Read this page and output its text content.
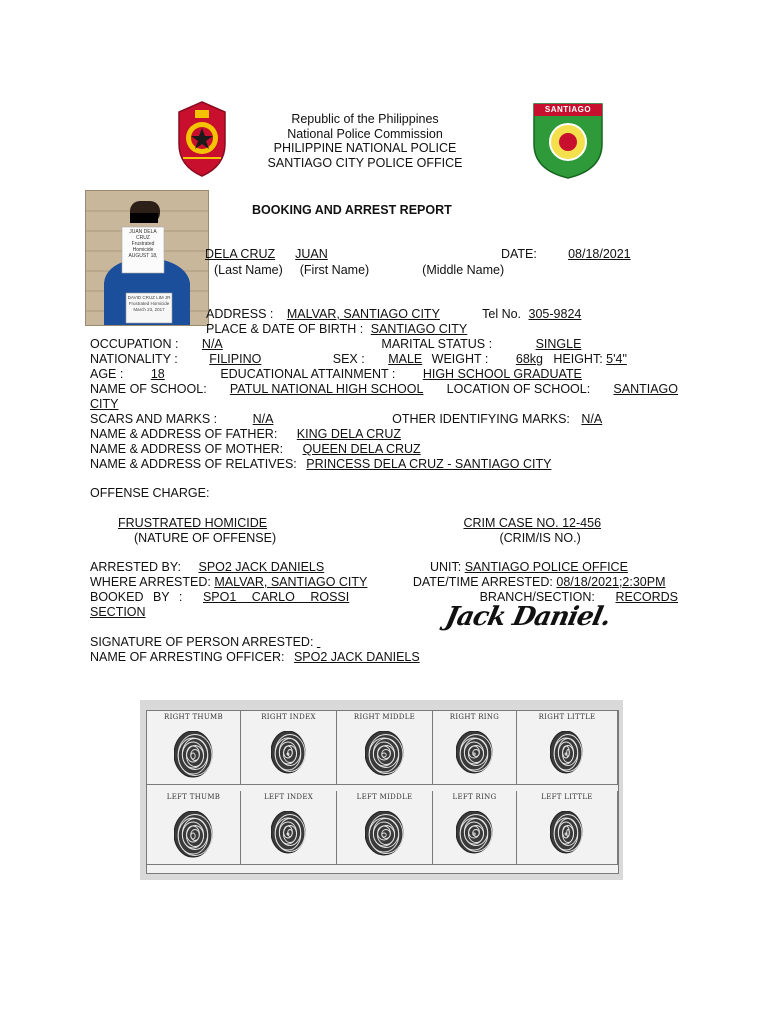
Republic of the Philippines
National Police Commission
PHILIPPINE NATIONAL POLICE
SANTIAGO CITY POLICE OFFICE
SANTIAGO
BOOKING AND ARREST REPORT
JUAN DELA CRUZ
Frustrated Homicide
AUGUST 18,
DAVID CRUZ LIM JR
Frustrated Homicide
March 23, 2017
DELA CRUZ JUAN	DATE: 08/18/2021
(Last Name) (First Name)	(Middle Name)
ADDRESS : MALVAR, SANTIAGO CITY	Tel No. 305-9824
PLACE & DATE OF BIRTH : SANTIAGO CITY
OCCUPATION : N/A	MARITAL STATUS :	SINGLE
NATIONALITY :	FILIPINO	SEX : MALE WEIGHT : 68kg HEIGHT: 5'4"
AGE : 18	EDUCATIONAL ATTAINMENT : HIGH SCHOOL GRADUATE
NAME OF SCHOOL: PATUL NATIONAL HIGH SCHOOL LOCATION OF SCHOOL: SANTIAGO
CITY
SCARS AND MARKS :	N/A	OTHER IDENTIFYING MARKS: N/A
NAME & ADDRESS OF FATHER: KING DELA CRUZ
NAME & ADDRESS OF MOTHER: QUEEN DELA CRUZ
NAME & ADDRESS OF RELATIVES: PRINCESS DELA CRUZ - SANTIAGO CITY
OFFENSE CHARGE:
FRUSTRATED HOMICIDE	CRIM CASE NO. 12-456
(NATURE OF OFFENSE)	(CRIM/IS NO.)
ARRESTED BY: SPO2 JACK DANIELS	UNIT: SANTIAGO POLICE OFFICE
WHERE ARRESTED: MALVAR, SANTIAGO CITY	DATE/TIME ARRESTED: 08/18/2021;2:30PM
BOOKED BY : SPO1 CARLO ROSSI	BRANCH/SECTION: RECORDS
SECTION
SIGNATURE OF PERSON ARRESTED:
Jack Daniel.
NAME OF ARRESTING OFFICER: SPO2 JACK DANIELS
RIGHT THUMB	RIGHT INDEX	RIGHT MIDDLE	RIGHT RING	RIGHT LITTLE
LEFT THUMB	LEFT INDEX	LEFT MIDDLE	LEFT RING	LEFT LITTLE
